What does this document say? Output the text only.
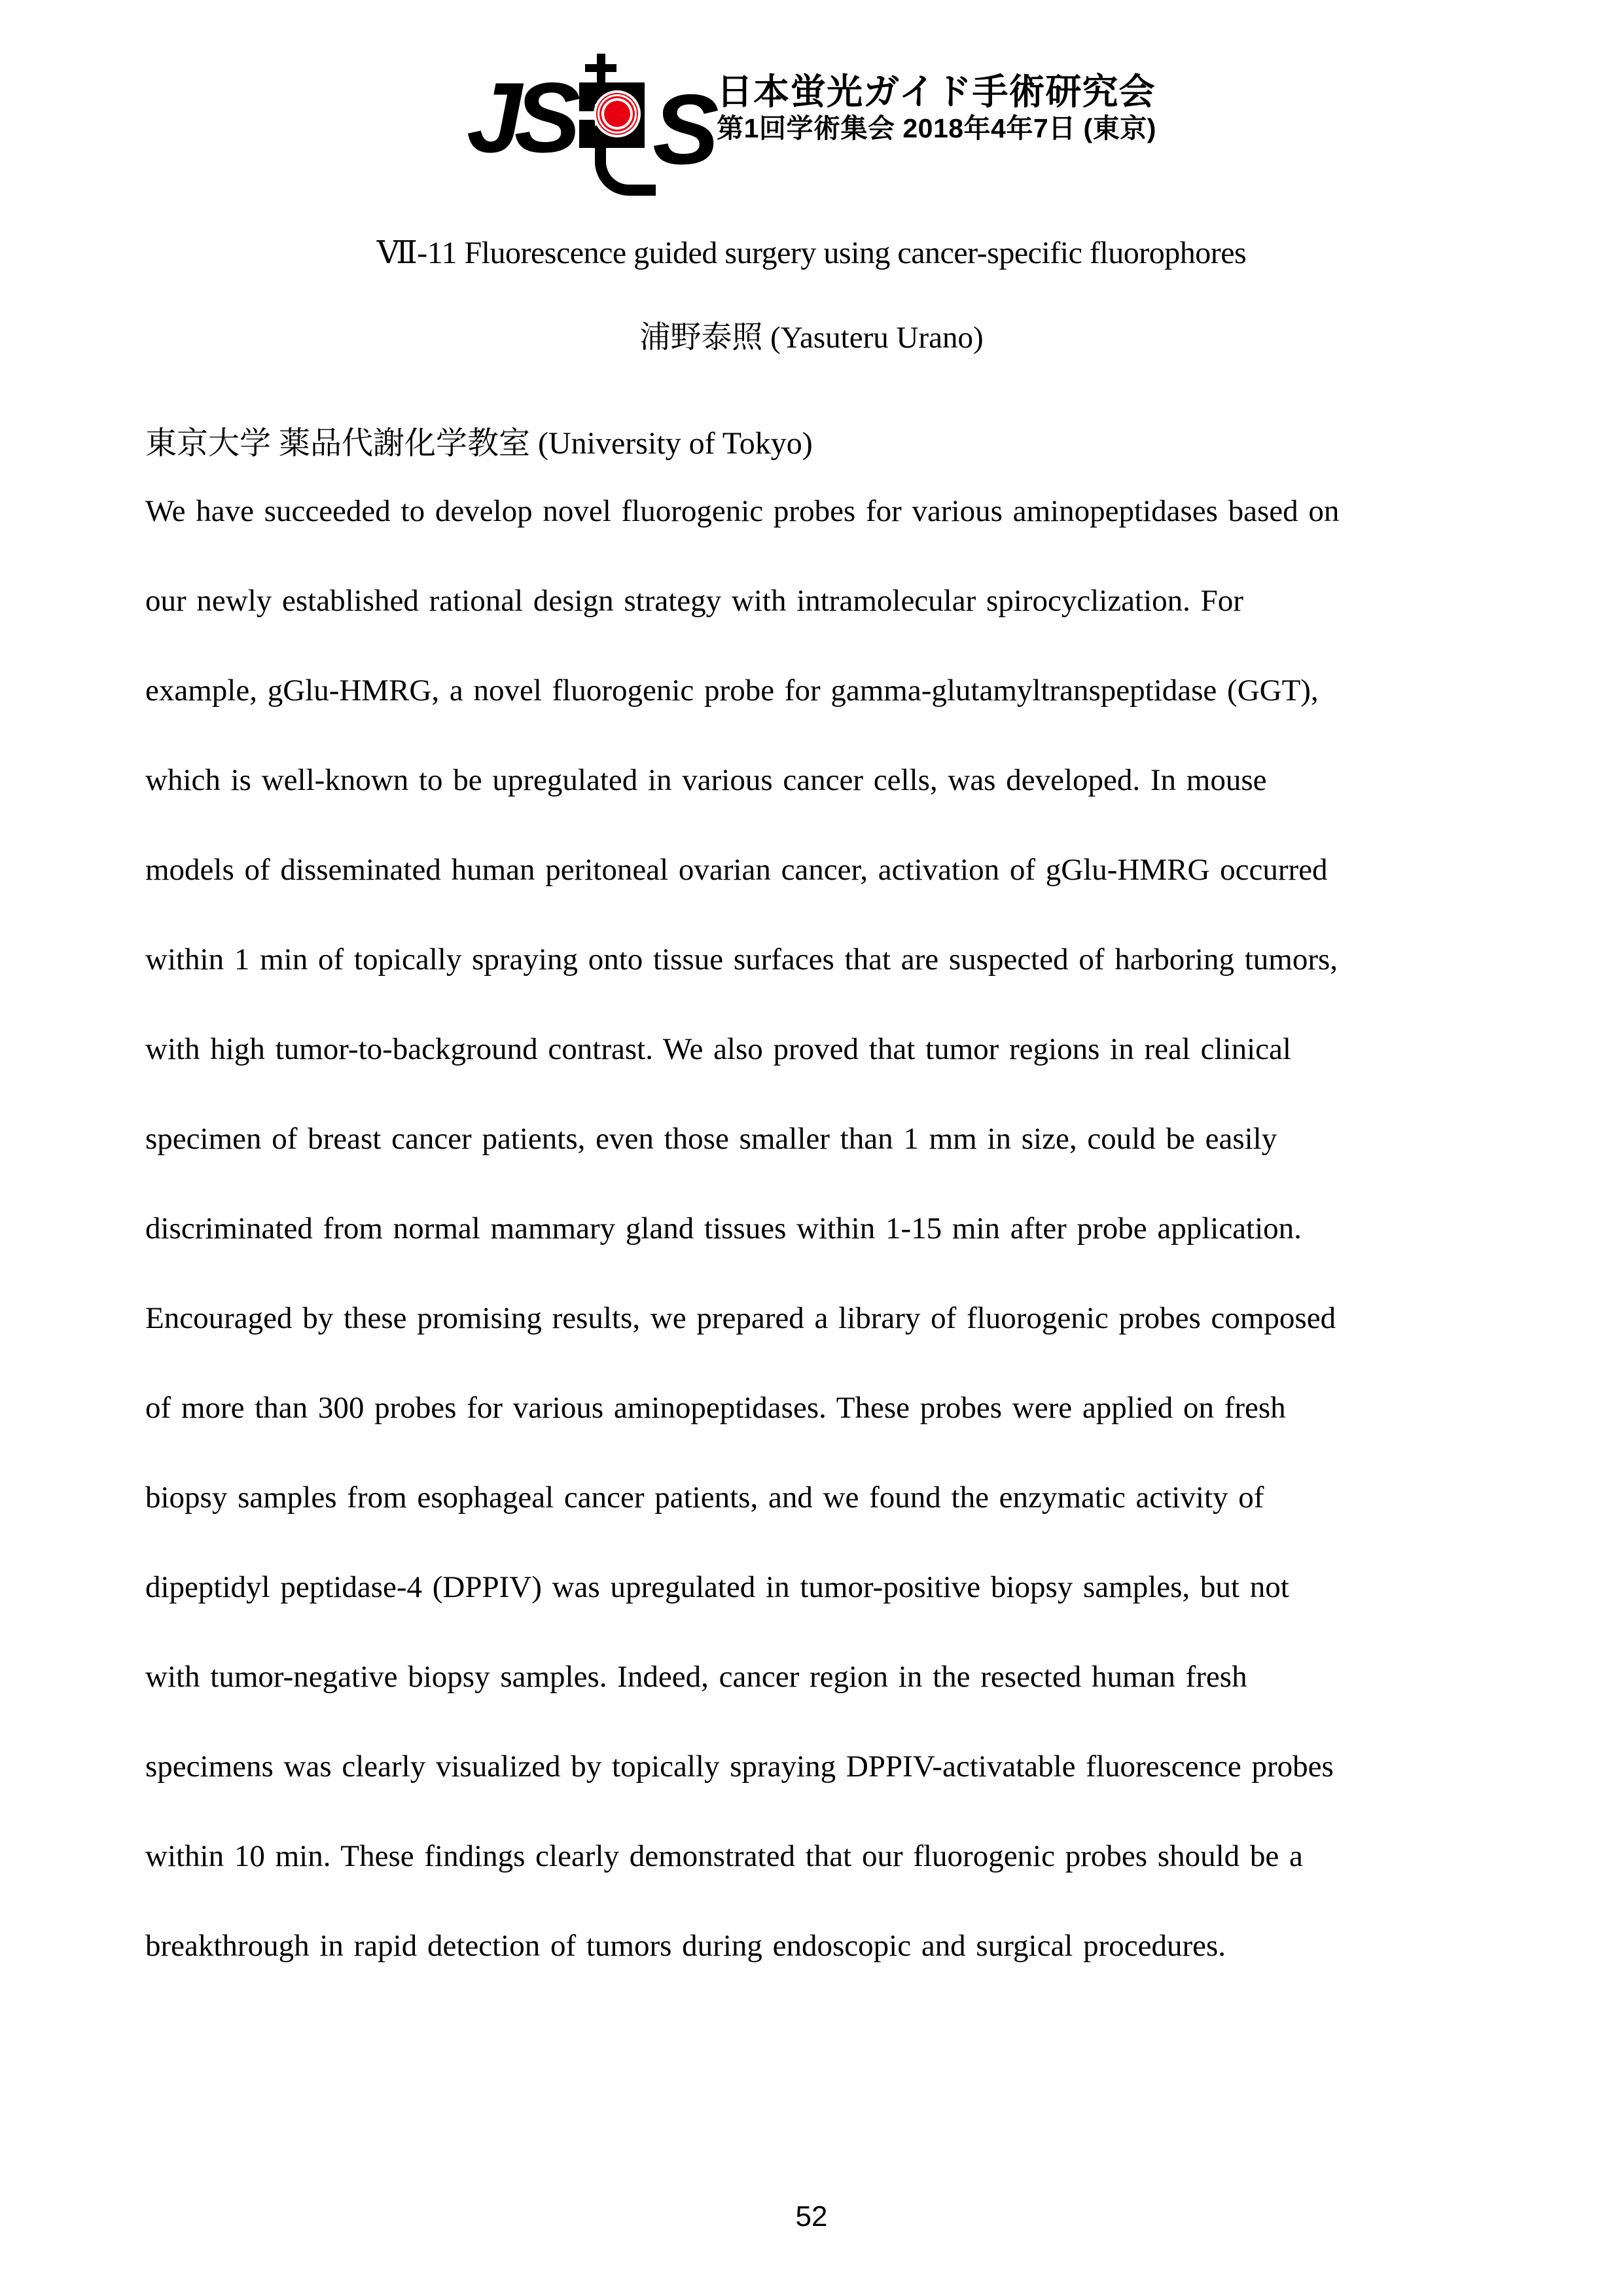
JS S
日本蛍光ガイド手術研究会
第1回学術集会 2018年4年7日 (東京)
Ⅶ-11 Fluorescence guided surgery using cancer-specific fluorophores
浦野泰照 (Yasuteru Urano)
東京大学 薬品代謝化学教室 (University of Tokyo)
We have succeeded to develop novel fluorogenic probes for various aminopeptidases based on
our newly established rational design strategy with intramolecular spirocyclization. For
example, gGlu-HMRG, a novel fluorogenic probe for gamma-glutamyltranspeptidase (GGT),
which is well-known to be upregulated in various cancer cells, was developed. In mouse
models of disseminated human peritoneal ovarian cancer, activation of gGlu-HMRG occurred
within 1 min of topically spraying onto tissue surfaces that are suspected of harboring tumors,
with high tumor-to-background contrast. We also proved that tumor regions in real clinical
specimen of breast cancer patients, even those smaller than 1 mm in size, could be easily
discriminated from normal mammary gland tissues within 1-15 min after probe application.
Encouraged by these promising results, we prepared a library of fluorogenic probes composed
of more than 300 probes for various aminopeptidases. These probes were applied on fresh
biopsy samples from esophageal cancer patients, and we found the enzymatic activity of
dipeptidyl peptidase-4 (DPPIV) was upregulated in tumor-positive biopsy samples, but not
with tumor-negative biopsy samples. Indeed, cancer region in the resected human fresh
specimens was clearly visualized by topically spraying DPPIV-activatable fluorescence probes
within 10 min. These findings clearly demonstrated that our fluorogenic probes should be a
breakthrough in rapid detection of tumors during endoscopic and surgical procedures.
52
